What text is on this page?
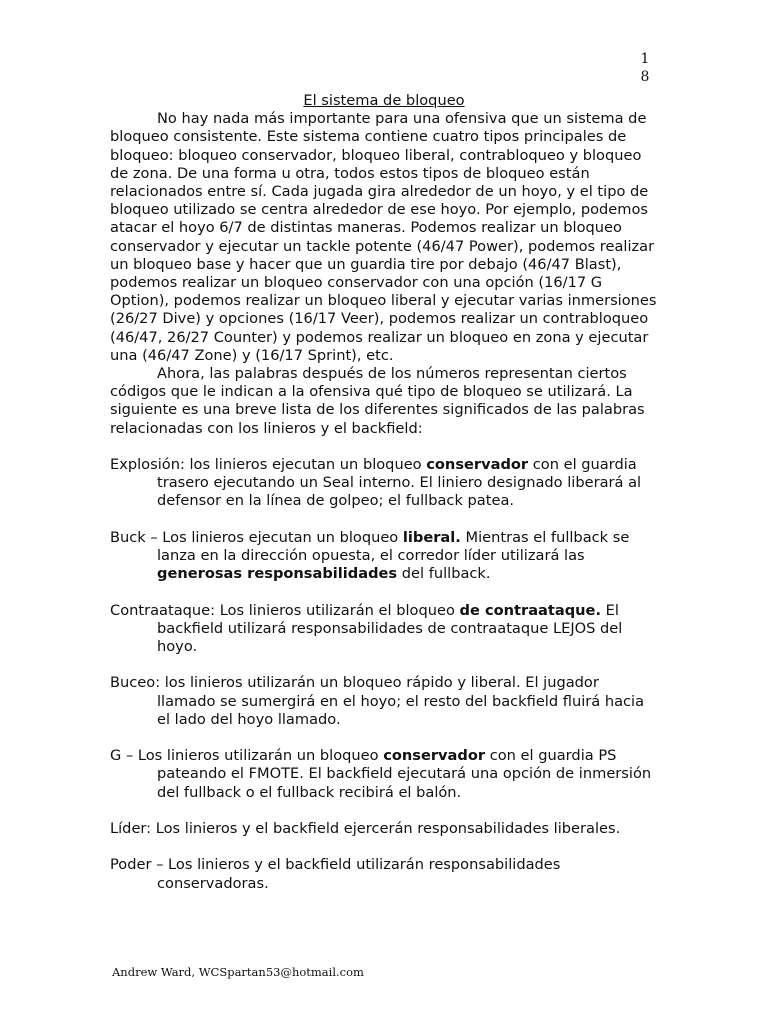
1
8
El sistema de bloqueo

No hay nada más importante para una ofensiva que un sistema de bloqueo consistente. Este sistema contiene cuatro tipos principales de bloqueo: bloqueo conservador, bloqueo liberal, contrabloqueo y bloqueo de zona. De una forma u otra, todos estos tipos de bloqueo están relacionados entre sí. Cada jugada gira alrededor de un hoyo, y el tipo de bloqueo utilizado se centra alrededor de ese hoyo. Por ejemplo, podemos atacar el hoyo 6/7 de distintas maneras. Podemos realizar un bloqueo conservador y ejecutar un tackle potente (46/47 Power), podemos realizar un bloqueo base y hacer que un guardia tire por debajo (46/47 Blast), podemos realizar un bloqueo conservador con una opción (16/17 G Option), podemos realizar un bloqueo liberal y ejecutar varias inmersiones (26/27 Dive) y opciones (16/17 Veer), podemos realizar un contrabloqueo (46/47, 26/27 Counter) y podemos realizar un bloqueo en zona y ejecutar una (46/47 Zone) y (16/17 Sprint), etc.

Ahora, las palabras después de los números representan ciertos códigos que le indican a la ofensiva qué tipo de bloqueo se utilizará. La siguiente es una breve lista de los diferentes significados de las palabras relacionadas con los linieros y el backfield:

Explosión: los linieros ejecutan un bloqueo conservador con el guardia trasero ejecutando un Seal interno. El liniero designado liberará al defensor en la línea de golpeo; el fullback patea.

Buck – Los linieros ejecutan un bloqueo liberal. Mientras el fullback se lanza en la dirección opuesta, el corredor líder utilizará las generosas responsabilidades del fullback.

Contraataque: Los linieros utilizarán el bloqueo de contraataque. El backfield utilizará responsabilidades de contraataque LEJOS del hoyo.

Buceo: los linieros utilizarán un bloqueo rápido y liberal. El jugador llamado se sumergirá en el hoyo; el resto del backfield fluirá hacia el lado del hoyo llamado.

G – Los linieros utilizarán un bloqueo conservador con el guardia PS pateando el FMOTE. El backfield ejecutará una opción de inmersión del fullback o el fullback recibirá el balón.

Líder: Los linieros y el backfield ejercerán responsabilidades liberales.

Poder – Los linieros y el backfield utilizarán responsabilidades conservadoras.

Andrew Ward, WCSpartan53@hotmail.com
